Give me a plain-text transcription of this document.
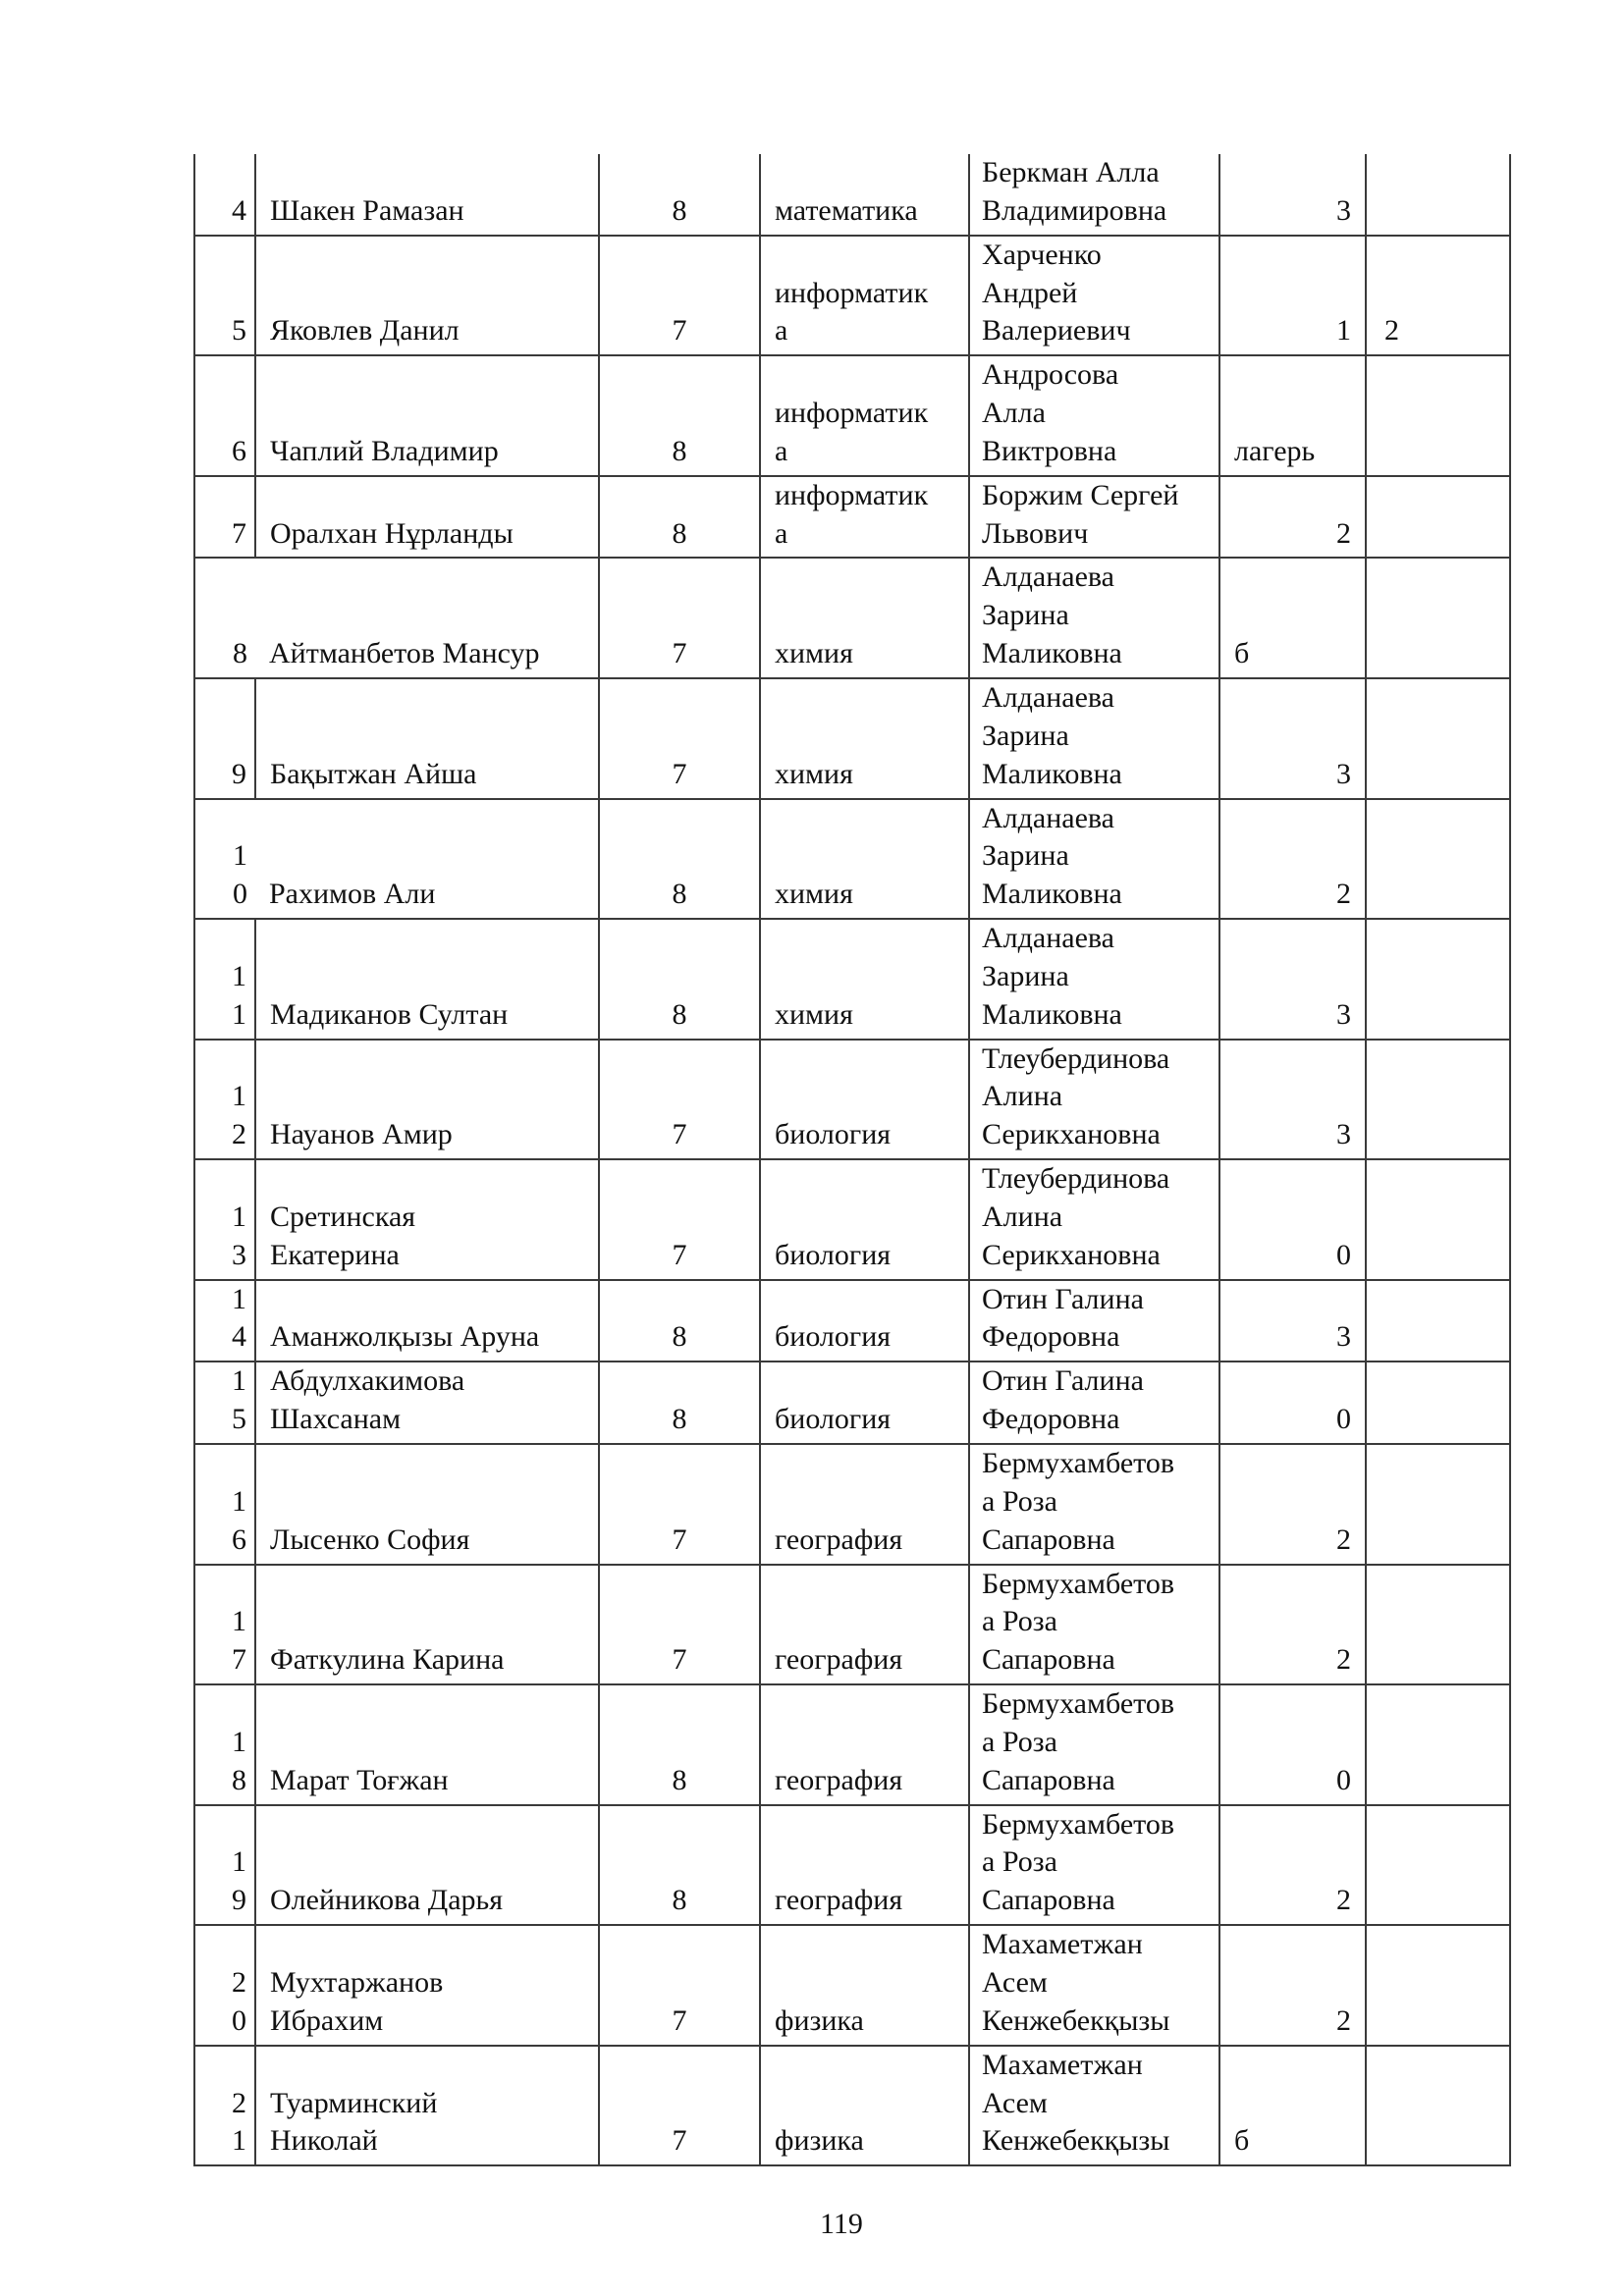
4	Шакен Рамазан	8	математика	Беркман Алла
Владимировна	3	

5	Яковлев Данил	7	информатик
а	Харченко
Андрей
Валериевич	1	2

6	Чаплий Владимир	8	информатик
а	Андросова
Алла
Виктровна	лагерь	

7	Оралхан Нұрланды	8	информатик
а	Боржим Сергей
Львович	2	

8	Айтманбетов Мансур	7	химия	Алданаева
Зарина
Маликовна	б	

9	Бақытжан Айша	7	химия	Алданаева
Зарина
Маликовна	3	

1
0	Рахимов Али	8	химия	Алданаева
Зарина
Маликовна	2	

1
1	Мадиканов Султан	8	химия	Алданаева
Зарина
Маликовна	3	

1
2	Науанов Амир	7	биология	Тлеубердинова
Алина
Серикхановна	3	

1
3	Сретинская
Екатерина	7	биология	Тлеубердинова
Алина
Серикхановна	0	

1
4	Аманжолқызы Аруна	8	биология	Отин Галина
Федоровна	3	

1
5	Абдулхакимова
Шахсанам	8	биология	Отин Галина
Федоровна	0	

1
6	Лысенко София	7	география	Бермухамбетов
а Роза
Сапаровна	2	

1
7	Фаткулина Карина	7	география	Бермухамбетов
а Роза
Сапаровна	2	

1
8	Марат Тоғжан	8	география	Бермухамбетов
а Роза
Сапаровна	0	

1
9	Олейникова Дарья	8	география	Бермухамбетов
а Роза
Сапаровна	2	

2
0	Мухтаржанов
Ибрахим	7	физика	Махаметжан
Асем
Кенжебекқызы	2	

2
1	Туарминский
Николай	7	физика	Махаметжан
Асем
Кенжебекқызы	б	

119
